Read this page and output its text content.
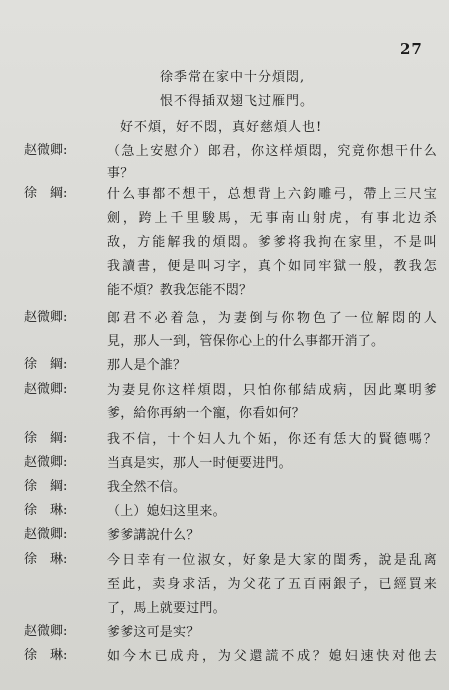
27
徐季常在家中十分煩悶,
恨不得插双翅飞过雁門。
好不煩，好不悶，真好慈煩人也!
赵微卿:	（急上安慰介）郎君，你这样煩悶，究竟你想干什么
事？
徐　綱:	什么事都不想干，总想背上六鈞雕弓，帶上三尺宝
劍，跨上千里駿馬，无事南山射虎，有事北边杀
敌，方能解我的煩悶。爹爹将我拘在家里，不是叫
我讀書，便是叫习字，真个如同牢獄一般，教我怎
能不煩？教我怎能不悶？
赵微卿:	郎君不必着急，为妻倒与你物色了一位解悶的人
見，那人一到，管保你心上的什么事都开消了。
徐　綱:	那人是个誰？
赵微卿:	为妻見你这样煩悶，只怕你郁結成病，因此稟明爹
爹，給你再納一个寵，你看如何？
徐　綱:	我不信，十个妇人九个妬，你还有恁大的賢德嗎？
赵微卿:	当真是实，那人一时便要进門。
徐　綱:	我全然不信。
徐　琳:	（上）媳妇这里来。
赵微卿:	爹爹講說什么？
徐　琳:	今日幸有一位淑女，好象是大家的閨秀，說是乱离
至此，卖身求活，为父花了五百兩銀子，已經買来
了，馬上就要过門。
赵微卿:	爹爹这可是实？
徐　琳:	如今木已成舟，为父還謊不成？媳妇速快对他去
